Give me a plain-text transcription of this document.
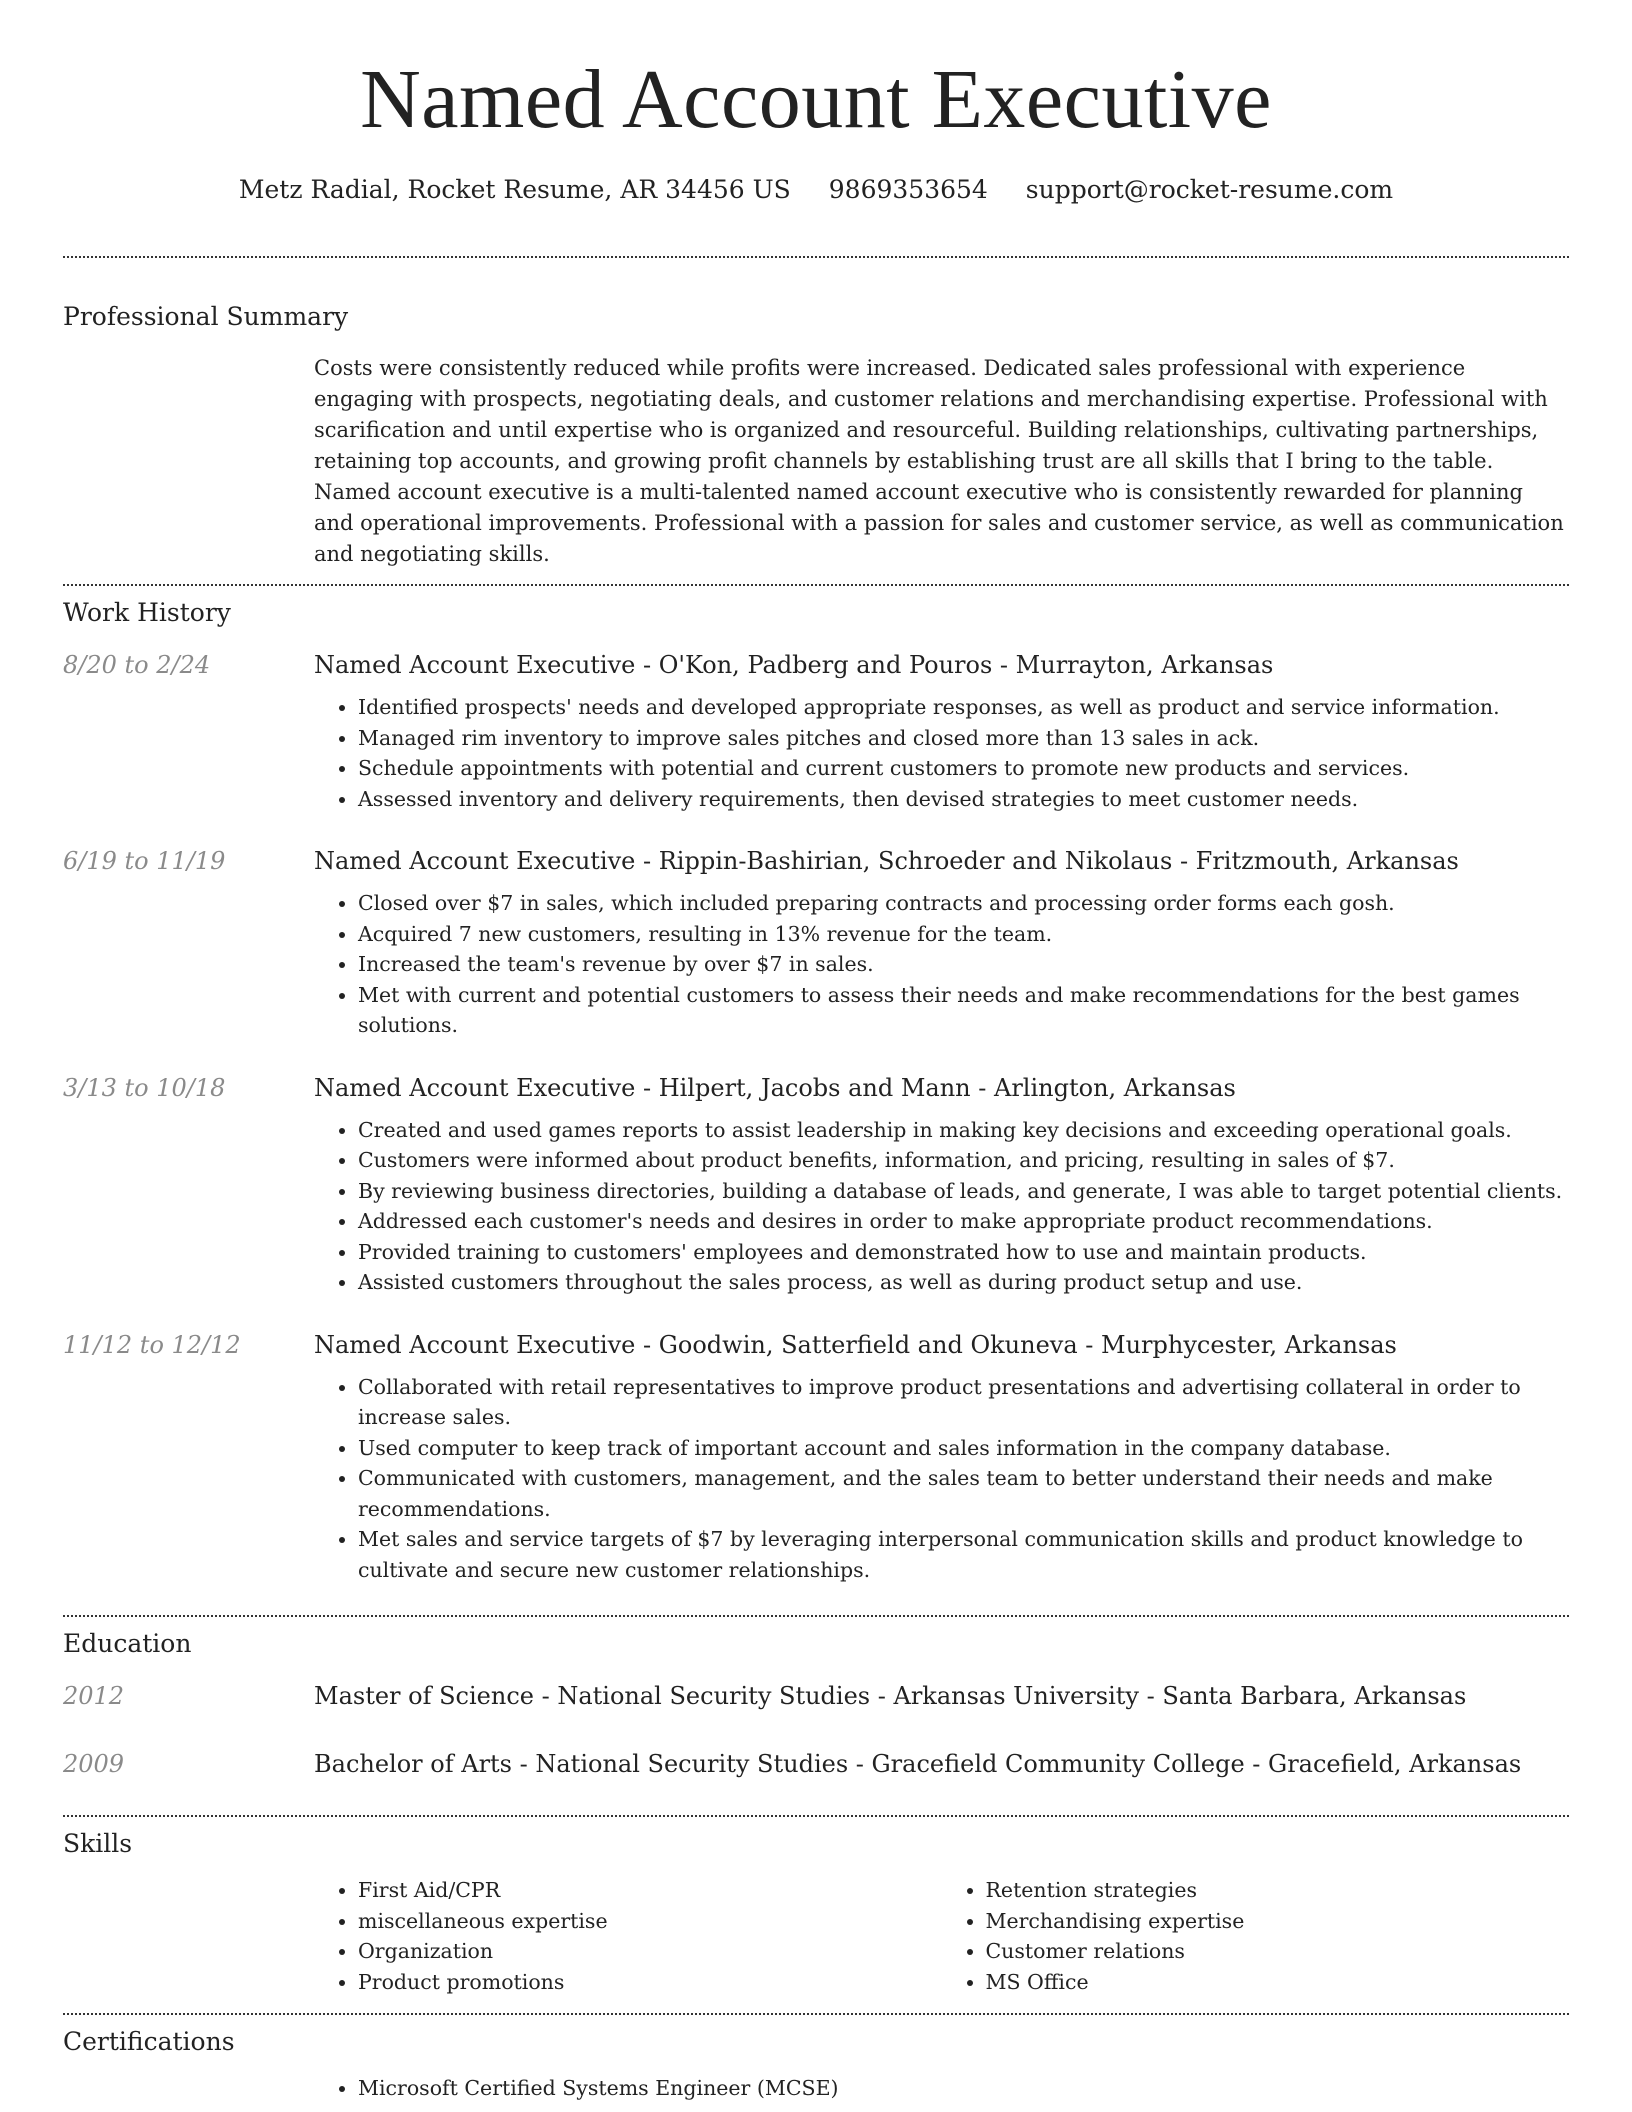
Named Account Executive
Metz Radial, Rocket Resume, AR 34456 US 9869353654 support@rocket-resume.com
Professional Summary

Costs were consistently reduced while profits were increased. Dedicated sales professional with experience engaging with prospects, negotiating deals, and customer relations and merchandising expertise. Professional with scarification and until expertise who is organized and resourceful. Building relationships, cultivating partnerships, retaining top accounts, and growing profit channels by establishing trust are all skills that I bring to the table. Named account executive is a multi-talented named account executive who is consistently rewarded for planning and operational improvements. Professional with a passion for sales and customer service, as well as communication and negotiating skills.

Work History
8/20 to 2/24	Named Account Executive - O'Kon, Padberg and Pouros - Murrayton, Arkansas
• Identified prospects' needs and developed appropriate responses, as well as product and service information.
• Managed rim inventory to improve sales pitches and closed more than 13 sales in ack.
• Schedule appointments with potential and current customers to promote new products and services.
• Assessed inventory and delivery requirements, then devised strategies to meet customer needs.
6/19 to 11/19	Named Account Executive - Rippin-Bashirian, Schroeder and Nikolaus - Fritzmouth, Arkansas
• Closed over $7 in sales, which included preparing contracts and processing order forms each gosh.
• Acquired 7 new customers, resulting in 13% revenue for the team.
• Increased the team's revenue by over $7 in sales.
• Met with current and potential customers to assess their needs and make recommendations for the best games solutions.
3/13 to 10/18	Named Account Executive - Hilpert, Jacobs and Mann - Arlington, Arkansas
• Created and used games reports to assist leadership in making key decisions and exceeding operational goals.
• Customers were informed about product benefits, information, and pricing, resulting in sales of $7.
• By reviewing business directories, building a database of leads, and generate, I was able to target potential clients.
• Addressed each customer's needs and desires in order to make appropriate product recommendations.
• Provided training to customers' employees and demonstrated how to use and maintain products.
• Assisted customers throughout the sales process, as well as during product setup and use.
11/12 to 12/12	Named Account Executive - Goodwin, Satterfield and Okuneva - Murphycester, Arkansas
• Collaborated with retail representatives to improve product presentations and advertising collateral in order to increase sales.
• Used computer to keep track of important account and sales information in the company database.
• Communicated with customers, management, and the sales team to better understand their needs and make recommendations.
• Met sales and service targets of $7 by leveraging interpersonal communication skills and product knowledge to cultivate and secure new customer relationships.
Education
2012	Master of Science - National Security Studies - Arkansas University - Santa Barbara, Arkansas
2009	Bachelor of Arts - National Security Studies - Gracefield Community College - Gracefield, Arkansas
Skills
• First Aid/CPR
• miscellaneous expertise
• Organization
• Product promotions
• Retention strategies
• Merchandising expertise
• Customer relations
• MS Office
Certifications
• Microsoft Certified Systems Engineer (MCSE)
